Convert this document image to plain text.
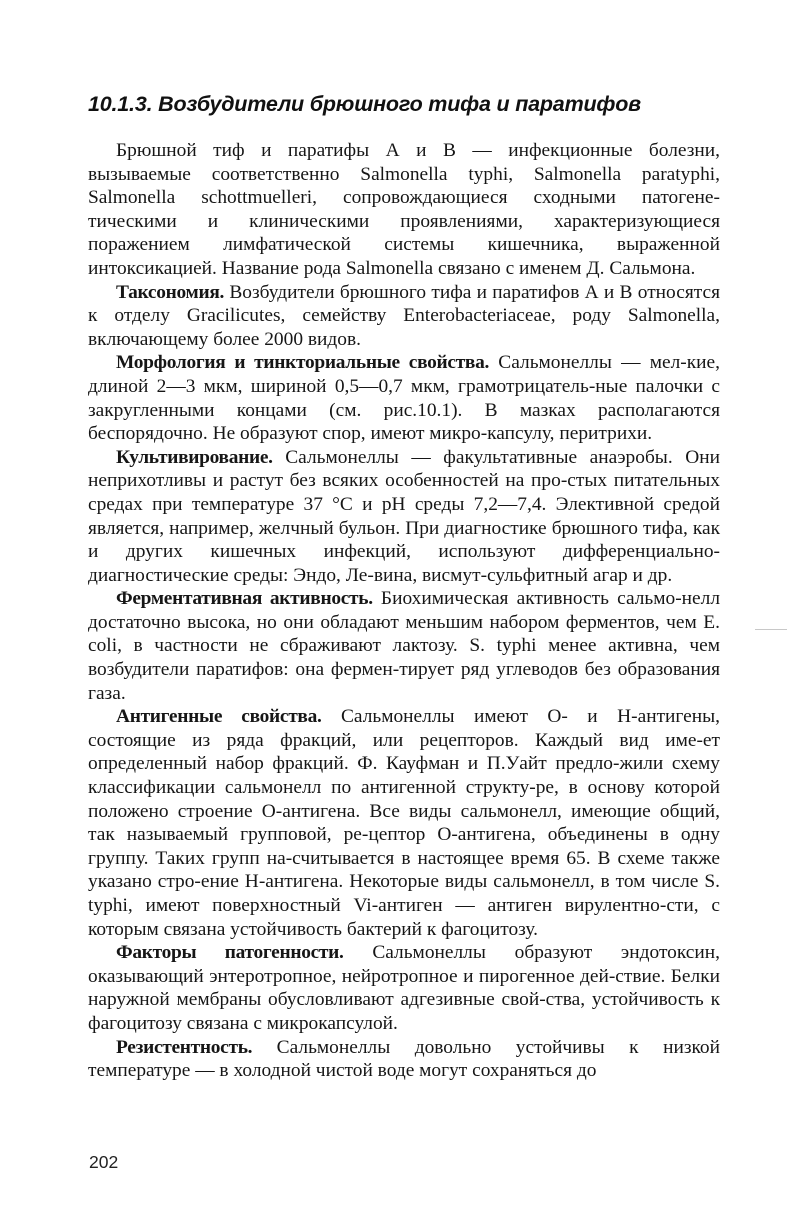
10.1.3. Возбудители брюшного тифа и паратифов

Брюшной тиф и паратифы А и В — инфекционные болезни, вызываемые соответственно Salmonella typhi, Salmonella paratyphi, Salmonella schottmuelleri, сопровождающиеся сходными патогене-тическими и клиническими проявлениями, характеризующиеся поражением лимфатической системы кишечника, выраженной интоксикацией. Название рода Salmonella связано с именем Д. Сальмона.

Таксономия. Возбудители брюшного тифа и паратифов А и В относятся к отделу Gracilicutes, семейству Enterobacteriaceae, роду Salmonella, включающему более 2000 видов.

Морфология и тинкториальные свойства. Сальмонеллы — мел-кие, длиной 2—3 мкм, шириной 0,5—0,7 мкм, грамотрицатель-ные палочки с закругленными концами (см. рис.10.1). В мазках располагаются беспорядочно. Не образуют спор, имеют микро-капсулу, перитрихи.

Культивирование. Сальмонеллы — факультативные анаэробы. Они неприхотливы и растут без всяких особенностей на про-стых питательных средах при температуре 37 °С и pH среды 7,2—7,4. Элективной средой является, например, желчный бульон. При диагностике брюшного тифа, как и других кишечных инфекций, используют дифференциально-диагностические среды: Эндо, Ле-вина, висмут-сульфитный агар и др.

Ферментативная активность. Биохимическая активность сальмо-нелл достаточно высока, но они обладают меньшим набором ферментов, чем E. coli, в частности не сбраживают лактозу. S. typhi менее активна, чем возбудители паратифов: она фермен-тирует ряд углеводов без образования газа.

Антигенные свойства. Сальмонеллы имеют О- и Н-антигены, состоящие из ряда фракций, или рецепторов. Каждый вид име-ет определенный набор фракций. Ф. Кауфман и П.Уайт предло-жили схему классификации сальмонелл по антигенной структу-ре, в основу которой положено строение О-антигена. Все виды сальмонелл, имеющие общий, так называемый групповой, ре-цептор О-антигена, объединены в одну группу. Таких групп на-считывается в настоящее время 65. В схеме также указано стро-ение Н-антигена. Некоторые виды сальмонелл, в том числе S. typhi, имеют поверхностный Vi-антиген — антиген вирулентно-сти, с которым связана устойчивость бактерий к фагоцитозу.

Факторы патогенности. Сальмонеллы образуют эндотоксин, оказывающий энтеротропное, нейротропное и пирогенное дей-ствие. Белки наружной мембраны обусловливают адгезивные свой-ства, устойчивость к фагоцитозу связана с микрокапсулой.

Резистентность. Сальмонеллы довольно устойчивы к низкой температуре — в холодной чистой воде могут сохраняться до

202
